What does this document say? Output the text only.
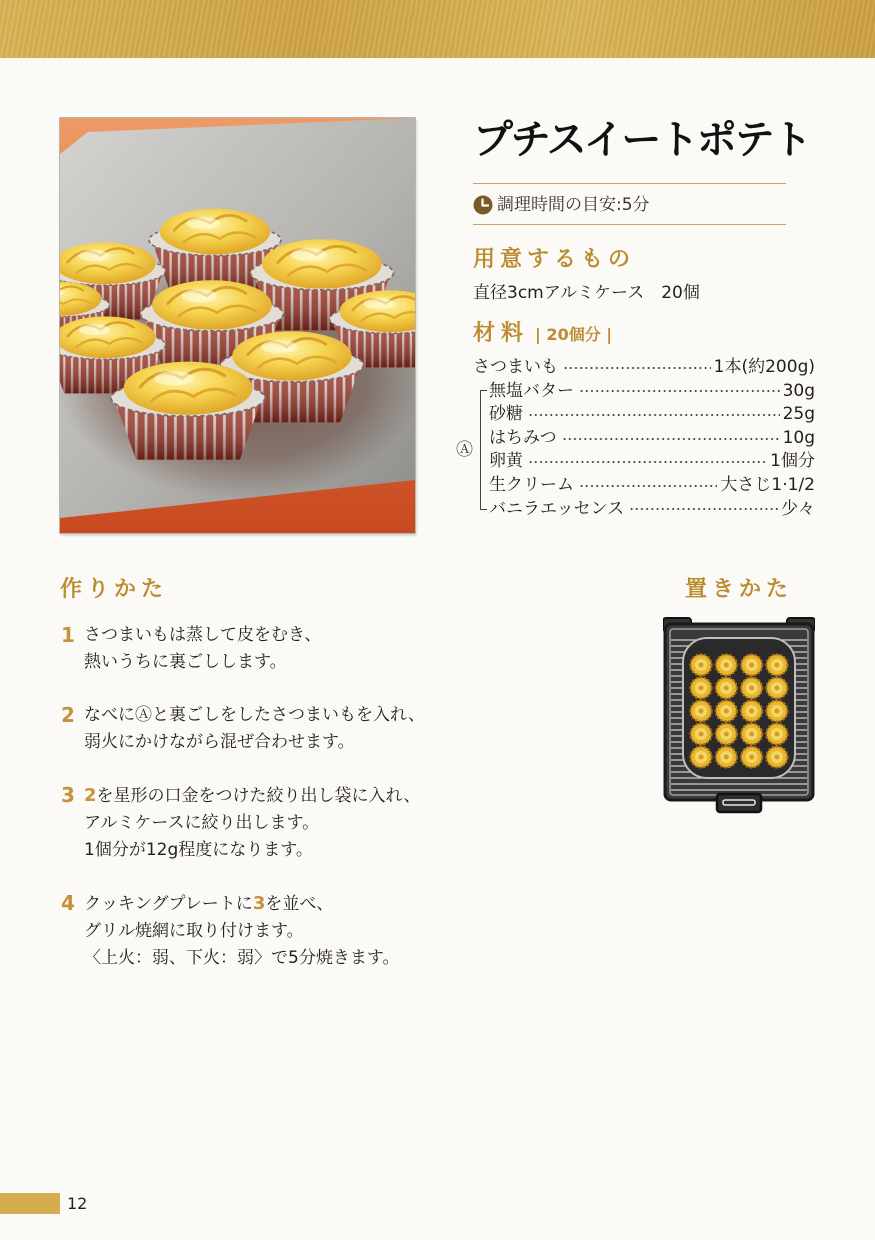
プチスイートポテト
調理時間の目安:5分
用意するもの

直径3cmアルミケース　20個

材料 | 20個分 |
さつまいも	1本(約200g)
無塩バター	30g
砂糖	25g
はちみつ	10g
卵黄	1個分
生クリーム	大さじ1·1/2
バニラエッセンス	少々
Ⓐ
作りかた
1 さつまいもは蒸して皮をむき、
熱いうちに裏ごしします。
2 なべにⒶと裏ごしをしたさつまいもを入れ、
弱火にかけながら混ぜ合わせます。
3 2を星形の口金をつけた絞り出し袋に入れ、
アルミケースに絞り出します。
1個分が12g程度になります。
4 クッキングプレートに3を並べ、
グリル焼網に取り付けます。
〈上火：弱、下火：弱〉で5分焼きます。
置きかた
12
